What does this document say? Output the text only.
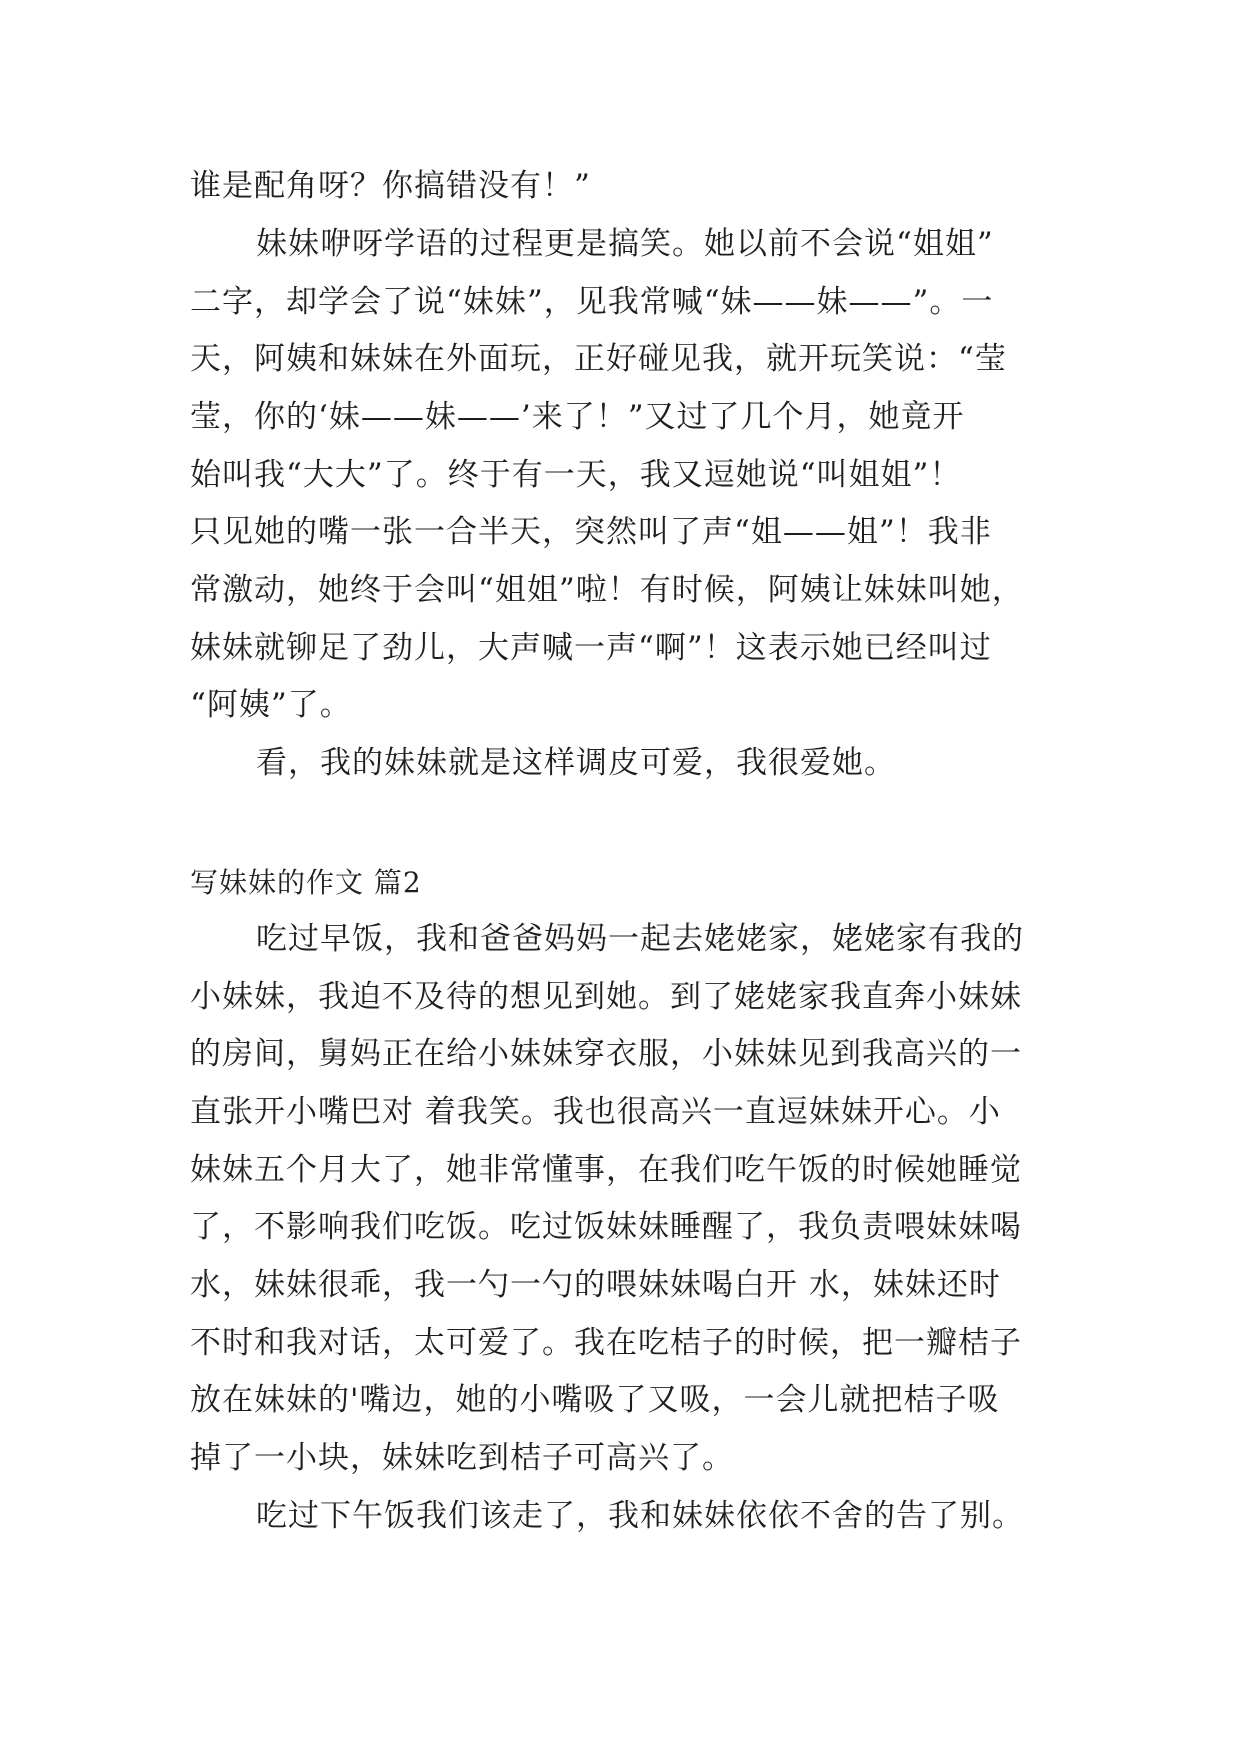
谁是配角呀？你搞错没有！”
妹妹咿呀学语的过程更是搞笑。她以前不会说“姐姐”
二字，却学会了说“妹妹”，见我常喊“妹——妹——”。一
天，阿姨和妹妹在外面玩，正好碰见我，就开玩笑说：“莹
莹，你的‘妹——妹——’来了！”又过了几个月，她竟开
始叫我“大大”了。终于有一天，我又逗她说“叫姐姐”！
只见她的嘴一张一合半天，突然叫了声“姐——姐”！我非
常激动，她终于会叫“姐姐”啦！有时候，阿姨让妹妹叫她，
妹妹就铆足了劲儿，大声喊一声“啊”！这表示她已经叫过
“阿姨”了。
看，我的妹妹就是这样调皮可爱，我很爱她。
写妹妹的作文 篇2
吃过早饭，我和爸爸妈妈一起去姥姥家，姥姥家有我的
小妹妹，我迫不及待的想见到她。到了姥姥家我直奔小妹妹
的房间，舅妈正在给小妹妹穿衣服，小妹妹见到我高兴的一
直张开小嘴巴对 着我笑。我也很高兴一直逗妹妹开心。小
妹妹五个月大了，她非常懂事，在我们吃午饭的时候她睡觉
了，不影响我们吃饭。吃过饭妹妹睡醒了，我负责喂妹妹喝
水，妹妹很乖，我一勺一勺的喂妹妹喝白开 水，妹妹还时
不时和我对话，太可爱了。我在吃桔子的时候，把一瓣桔子
放在妹妹的'嘴边，她的小嘴吸了又吸，一会儿就把桔子吸
掉了一小块，妹妹吃到桔子可高兴了。
吃过下午饭我们该走了，我和妹妹依依不舍的告了别。
